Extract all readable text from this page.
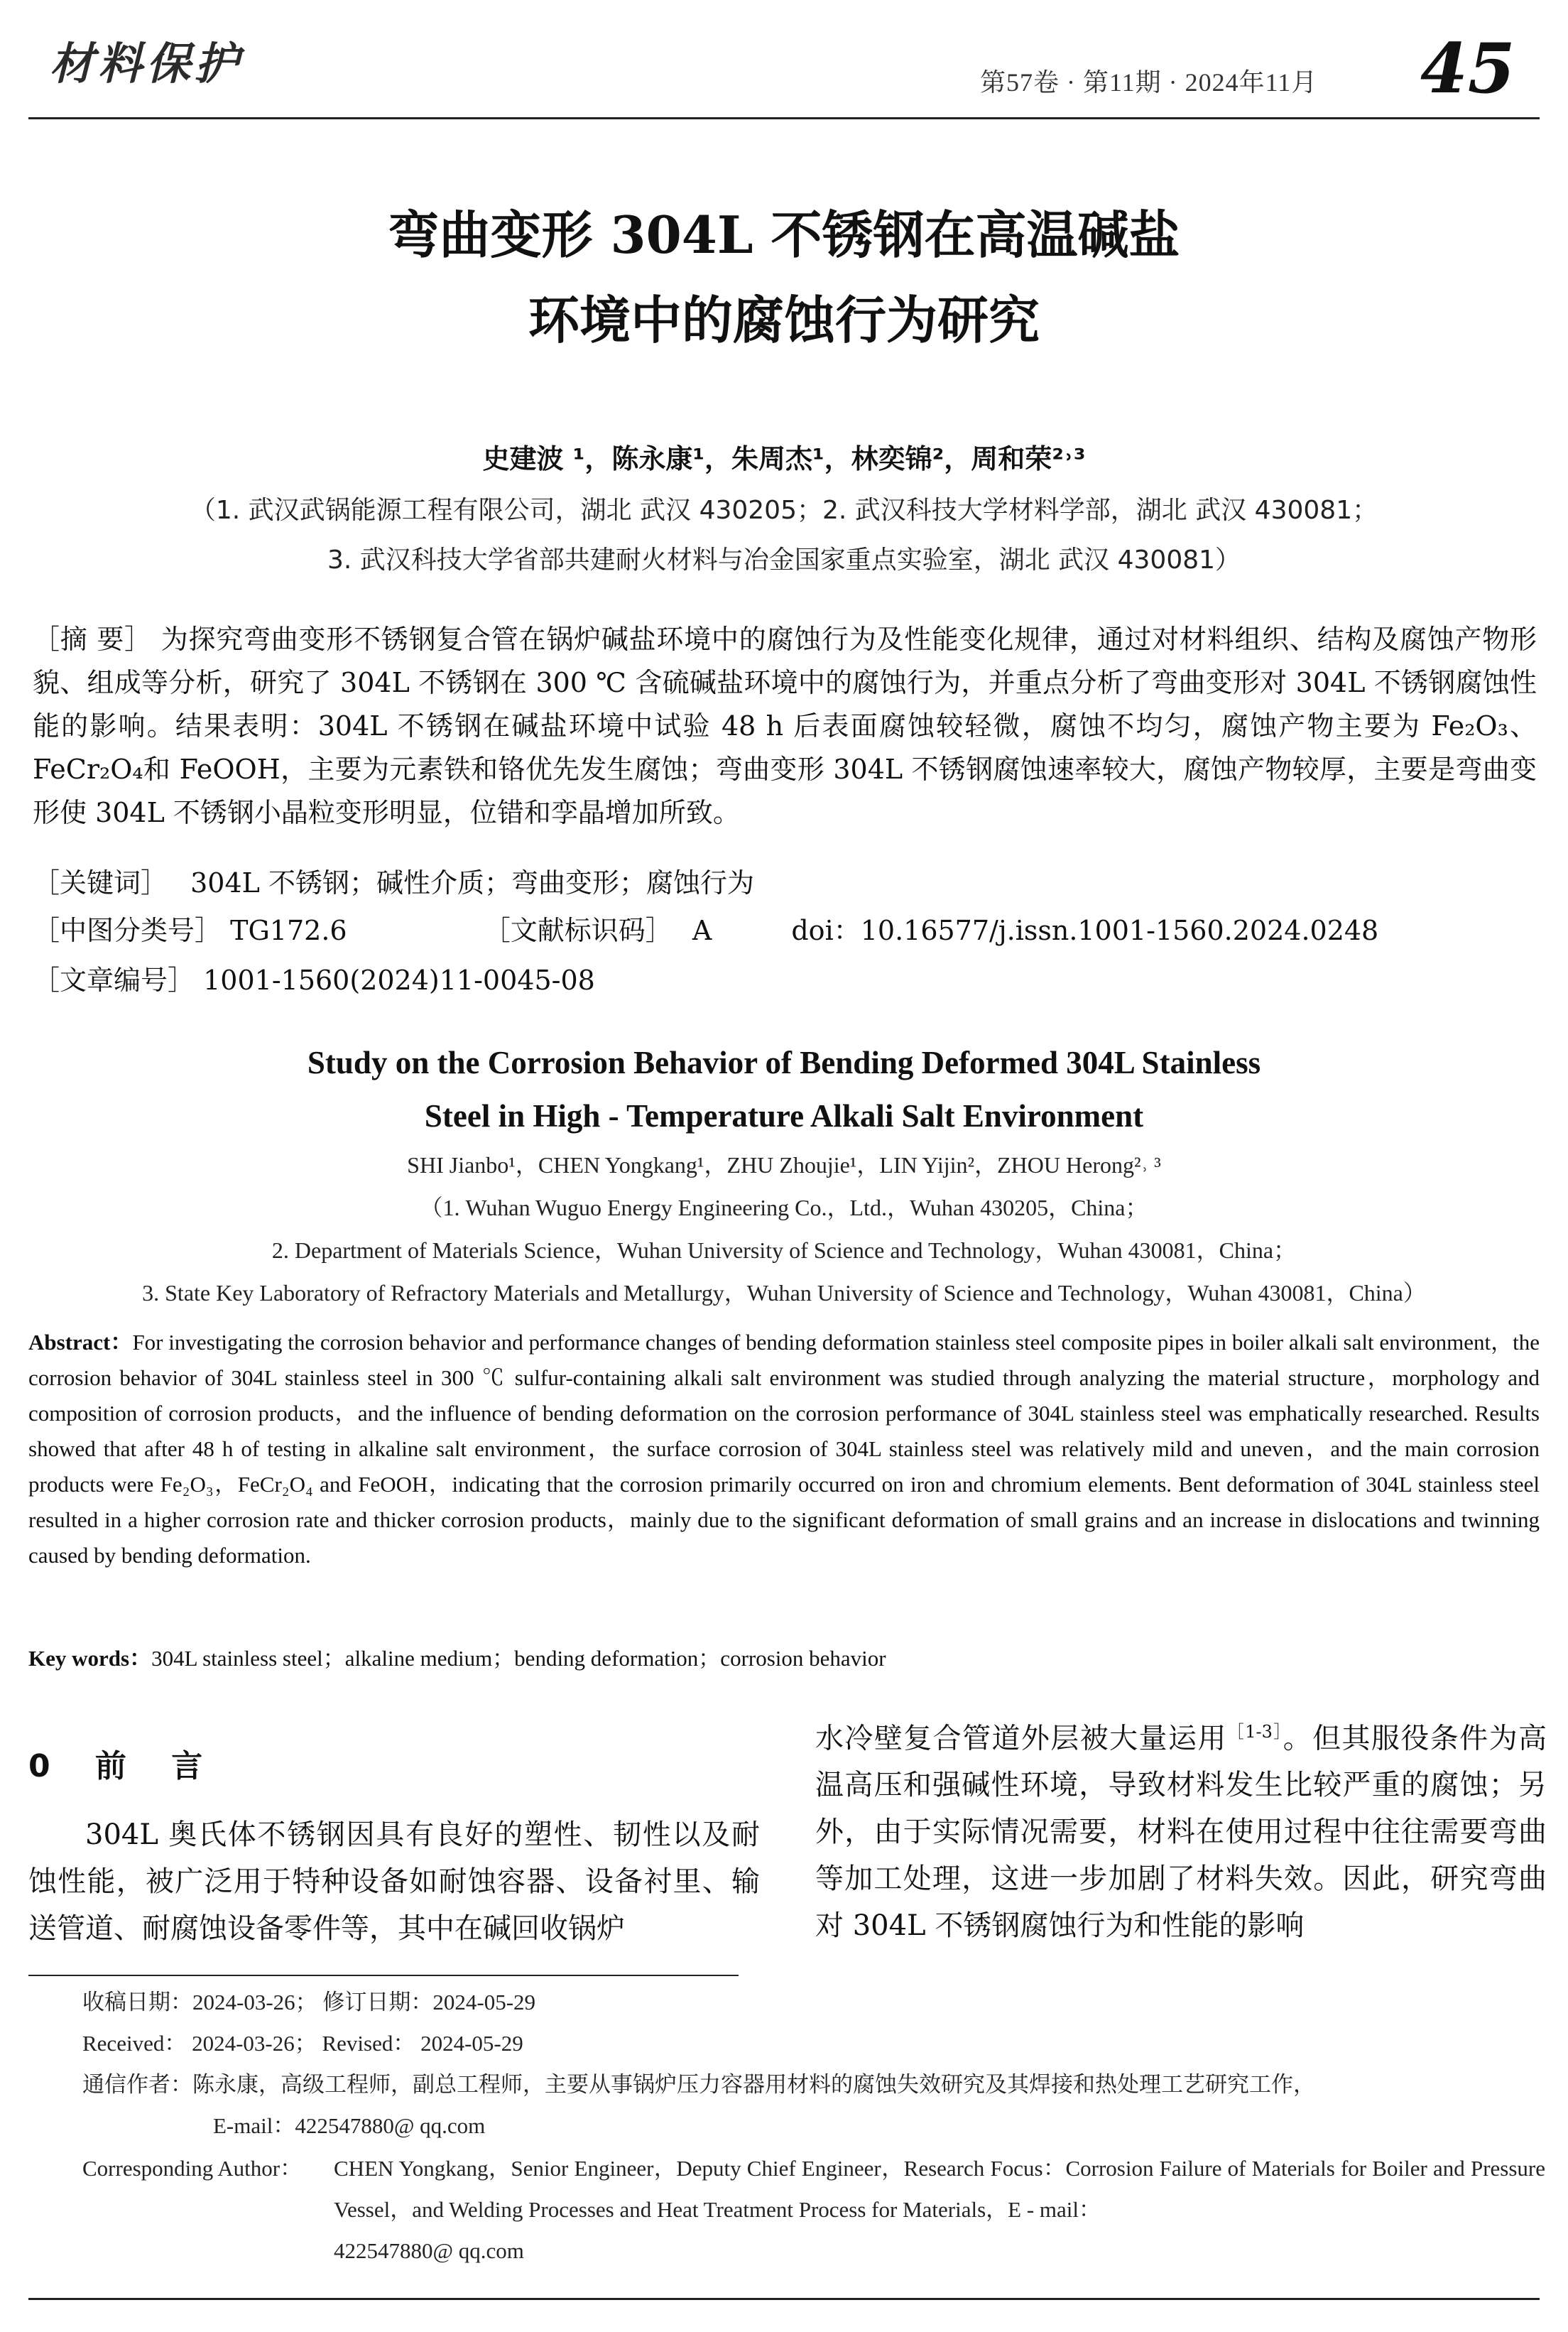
材料保护	第57卷 · 第11期 · 2024年11月 45
弯曲变形 304L 不锈钢在高温碱盐
环境中的腐蚀行为研究
史建波 ¹，陈永康¹，朱周杰¹，林奕锦²，周和荣²˒³
（1. 武汉武锅能源工程有限公司，湖北 武汉 430205；2. 武汉科技大学材料学部，湖北 武汉 430081；
3. 武汉科技大学省部共建耐火材料与冶金国家重点实验室，湖北 武汉 430081）
［摘 要］ 为探究弯曲变形不锈钢复合管在锅炉碱盐环境中的腐蚀行为及性能变化规律，通过对材料组织、结构及腐蚀产物形貌、组成等分析，研究了 304L 不锈钢在 300 ℃ 含硫碱盐环境中的腐蚀行为，并重点分析了弯曲变形对 304L 不锈钢腐蚀性能的影响。结果表明：304L 不锈钢在碱盐环境中试验 48 h 后表面腐蚀较轻微，腐蚀不均匀，腐蚀产物主要为 Fe₂O₃、FeCr₂O₄和 FeOOH，主要为元素铁和铬优先发生腐蚀；弯曲变形 304L 不锈钢腐蚀速率较大，腐蚀产物较厚，主要是弯曲变形使 304L 不锈钢小晶粒变形明显，位错和孪晶增加所致。
［关键词］ 304L 不锈钢；碱性介质；弯曲变形；腐蚀行为
［中图分类号］ TG172.6	［文献标识码］ A	doi：10.16577/j.issn.1001-1560.2024.0248
［文章编号］ 1001-1560(2024)11-0045-08
Study on the Corrosion Behavior of Bending Deformed 304L Stainless
Steel in High - Temperature Alkali Salt Environment
SHI Jianbo¹，CHEN Yongkang¹，ZHU Zhoujie¹，LIN Yijin²，ZHOU Herong²˒ ³
（1. Wuhan Wuguo Energy Engineering Co.，Ltd.，Wuhan 430205，China；
2. Department of Materials Science，Wuhan University of Science and Technology，Wuhan 430081，China；
3. State Key Laboratory of Refractory Materials and Metallurgy，Wuhan University of Science and Technology，Wuhan 430081，China）
Abstract：For investigating the corrosion behavior and performance changes of bending deformation stainless steel composite pipes in boiler alkali salt environment，the corrosion behavior of 304L stainless steel in 300 ℃ sulfur-containing alkali salt environment was studied through analyzing the material structure，morphology and composition of corrosion products，and the influence of bending deformation on the corrosion performance of 304L stainless steel was emphatically researched. Results showed that after 48 h of testing in alkaline salt environment，the surface corrosion of 304L stainless steel was relatively mild and uneven，and the main corrosion products were Fe₂O₃，FeCr₂O₄ and FeOOH，indicating that the corrosion primarily occurred on iron and chromium elements. Bent deformation of 304L stainless steel resulted in a higher corrosion rate and thicker corrosion products，mainly due to the significant deformation of small grains and an increase in dislocations and twinning caused by bending deformation.
Key words：304L stainless steel；alkaline medium；bending deformation；corrosion behavior
0 前 言
304L 奥氏体不锈钢因具有良好的塑性、韧性以及耐蚀性能，被广泛用于特种设备如耐蚀容器、设备衬里、输送管道、耐腐蚀设备零件等，其中在碱回收锅炉
水冷壁复合管道外层被大量运用$^{[1-3]}$。但其服役条件为高温高压和强碱性环境，导致材料发生比较严重的腐蚀；另外，由于实际情况需要，材料在使用过程中往往需要弯曲等加工处理，这进一步加剧了材料失效。因此，研究弯曲对 304L 不锈钢腐蚀行为和性能的影响
收稿日期：2024-03-26； 修订日期：2024-05-29
Received： 2024-03-26； Revised： 2024-05-29
通信作者：陈永康，高级工程师，副总工程师，主要从事锅炉压力容器用材料的腐蚀失效研究及其焊接和热处理工艺研究工作，
E-mail：422547880@ qq.com
Corresponding Author： CHEN Yongkang，Senior Engineer，Deputy Chief Engineer，Research Focus：Corrosion Failure of Materials for Boiler and Pressure Vessel，and Welding Processes and Heat Treatment Process for Materials，E - mail：
422547880@ qq.com
